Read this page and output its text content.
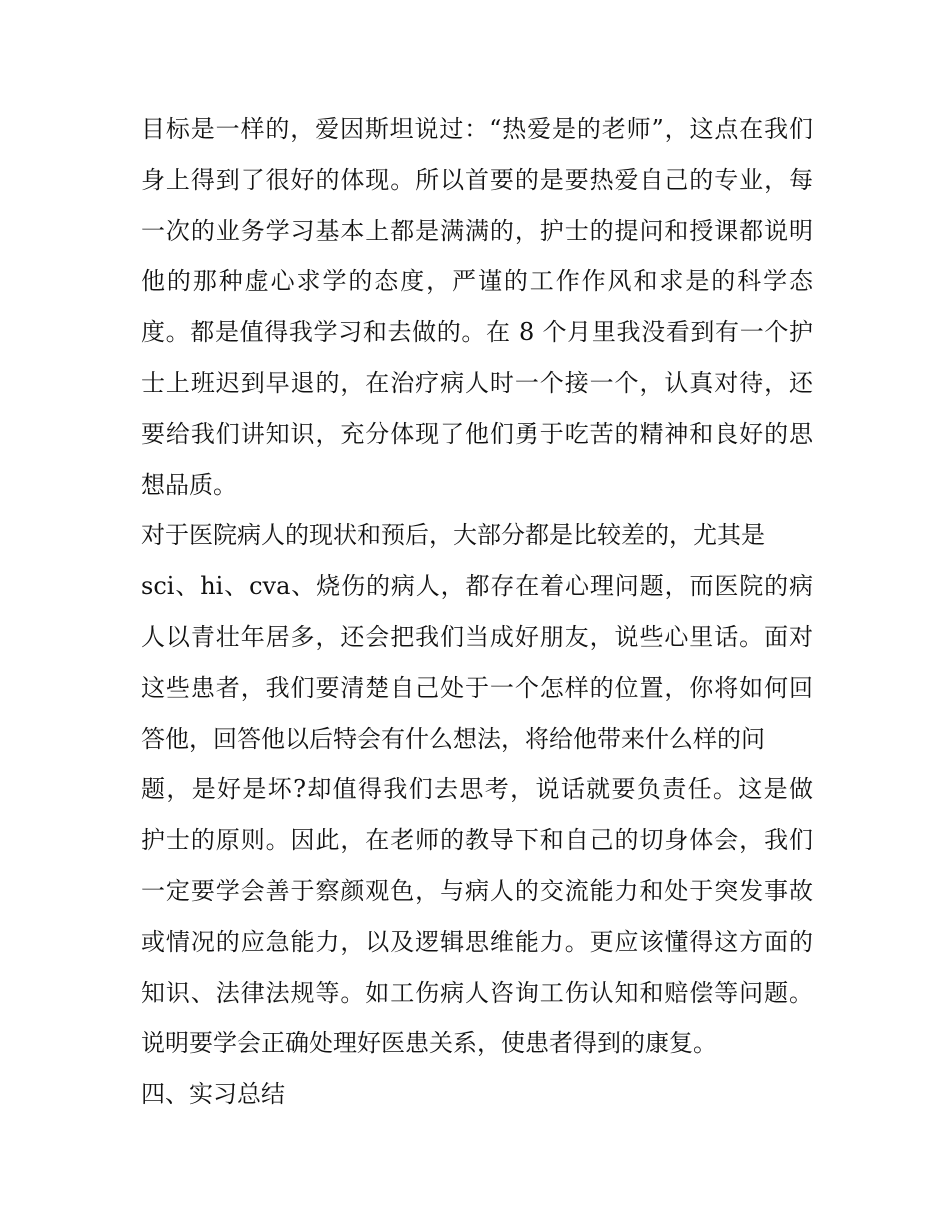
目标是一样的，爱因斯坦说过：“热爱是的老师”，这点在我们
身上得到了很好的体现。所以首要的是要热爱自己的专业，每
一次的业务学习基本上都是满满的，护士的提问和授课都说明
他的那种虚心求学的态度，严谨的工作作风和求是的科学态
度。都是值得我学习和去做的。在 8 个月里我没看到有一个护
士上班迟到早退的，在治疗病人时一个接一个，认真对待，还
要给我们讲知识，充分体现了他们勇于吃苦的精神和良好的思
想品质。
对于医院病人的现状和预后，大部分都是比较差的，尤其是
sci、hi、cva、烧伤的病人，都存在着心理问题，而医院的病
人以青壮年居多，还会把我们当成好朋友，说些心里话。面对
这些患者，我们要清楚自己处于一个怎样的位置，你将如何回
答他，回答他以后特会有什么想法，将给他带来什么样的问
题，是好是坏?却值得我们去思考，说话就要负责任。这是做
护士的原则。因此，在老师的教导下和自己的切身体会，我们
一定要学会善于察颜观色，与病人的交流能力和处于突发事故
或情况的应急能力，以及逻辑思维能力。更应该懂得这方面的
知识、法律法规等。如工伤病人咨询工伤认知和赔偿等问题。
说明要学会正确处理好医患关系，使患者得到的康复。
四、实习总结
